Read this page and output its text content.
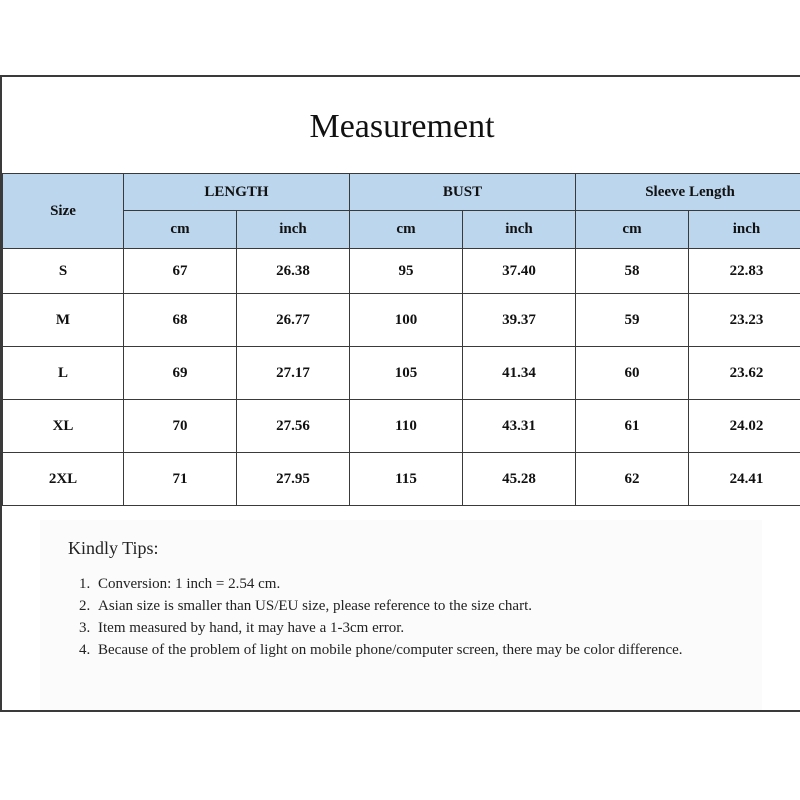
Measurement
Size	LENGTH		BUST		Sleeve Length	
	cm	inch	cm	inch	cm	inch
S	67	26.38	95	37.40	58	22.83
M	68	26.77	100	39.37	59	23.23
L	69	27.17	105	41.34	60	23.62
XL	70	27.56	110	43.31	61	24.02
2XL	71	27.95	115	45.28	62	24.41
Kindly Tips:
1. Conversion: 1 inch = 2.54 cm.
2. Asian size is smaller than US/EU size, please reference to the size chart.
3. Item measured by hand, it may have a 1-3cm error.
4. Because of the problem of light on mobile phone/computer screen, there may be color difference.
